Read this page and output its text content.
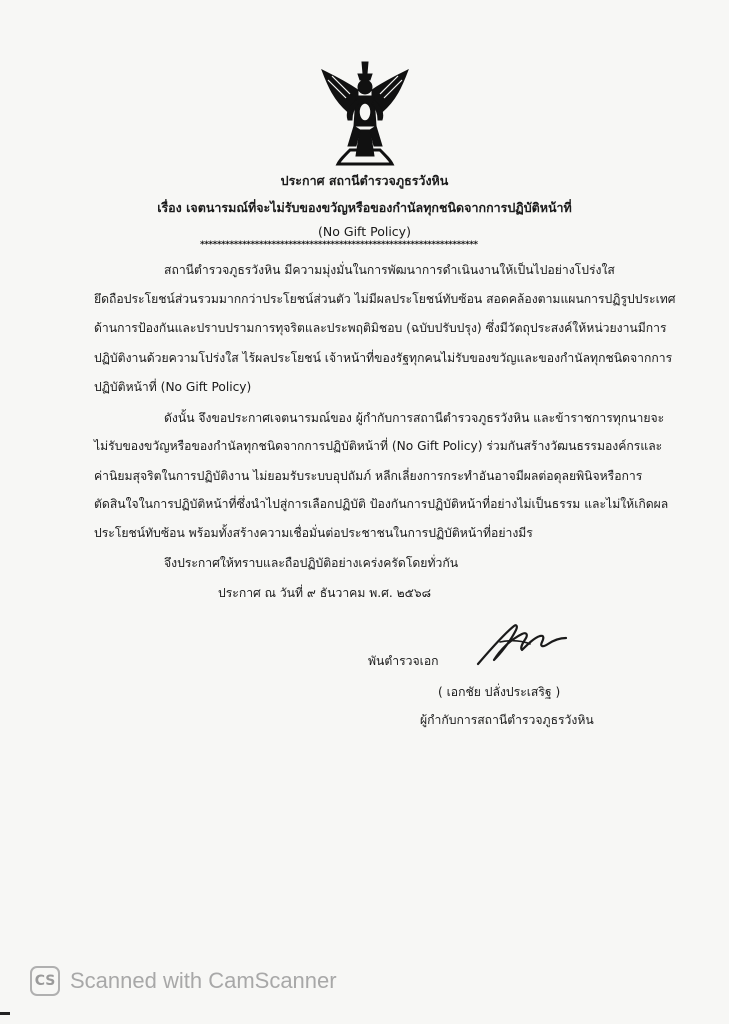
ประกาศ สถานีตำรวจภูธรวังหิน
เรื่อง เจตนารมณ์ที่จะไม่รับของขวัญหรือของกำนัลทุกชนิดจากการปฏิบัติหน้าที่
(No Gift Policy)
******************************************************************
สถานีตำรวจภูธรวังหิน มีความมุ่งมั่นในการพัฒนาการดำเนินงานให้เป็นไปอย่างโปร่งใส
ยึดถือประโยชน์ส่วนรวมมากกว่าประโยชน์ส่วนตัว ไม่มีผลประโยชน์ทับซ้อน สอดคล้องตามแผนการปฏิรูปประเทศ
ด้านการป้องกันและปราบปรามการทุจริตและประพฤติมิชอบ (ฉบับปรับปรุง) ซึ่งมีวัตถุประสงค์ให้หน่วยงานมีการ
ปฏิบัติงานด้วยความโปร่งใส ไร้ผลประโยชน์ เจ้าหน้าที่ของรัฐทุกคนไม่รับของขวัญและของกำนัลทุกชนิดจากการ
ปฏิบัติหน้าที่ (No Gift Policy)
ดังนั้น จึงขอประกาศเจตนารมณ์ของ ผู้กำกับการสถานีตำรวจภูธรวังหิน และข้าราชการทุกนายจะ
ไม่รับของขวัญหรือของกำนัลทุกชนิดจากการปฏิบัติหน้าที่ (No Gift Policy) ร่วมกันสร้างวัฒนธรรมองค์กรและ
ค่านิยมสุจริตในการปฏิบัติงาน ไม่ยอมรับระบบอุปถัมภ์ หลีกเลี่ยงการกระทำอันอาจมีผลต่อดุลยพินิจหรือการ
ตัดสินใจในการปฏิบัติหน้าที่ซึ่งนำไปสู่การเลือกปฏิบัติ ป้องกันการปฏิบัติหน้าที่อย่างไม่เป็นธรรม และไม่ให้เกิดผล
ประโยชน์ทับซ้อน พร้อมทั้งสร้างความเชื่อมั่นต่อประชาชนในการปฏิบัติหน้าที่อย่างมีร
จึงประกาศให้ทราบและถือปฏิบัติอย่างเคร่งครัดโดยทั่วกัน
ประกาศ ณ วันที่ ๙ ธันวาคม พ.ศ. ๒๕๖๘
พันตำรวจเอก
( เอกชัย ปลั่งประเสริฐ )
ผู้กำกับการสถานีตำรวจภูธรวังหิน
CS Scanned with CamScanner
